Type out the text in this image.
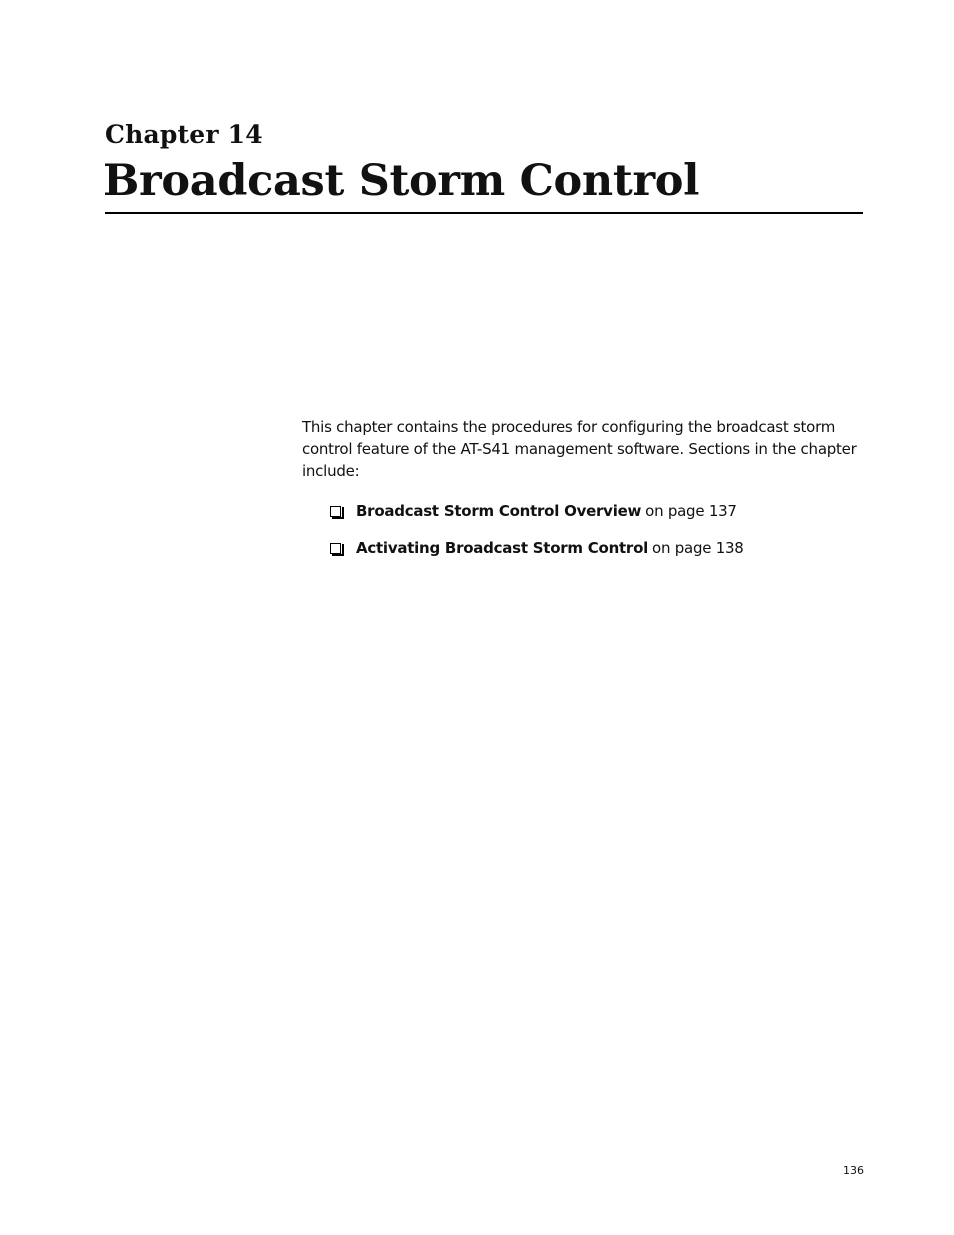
Chapter 14
Broadcast Storm Control

This chapter contains the procedures for configuring the broadcast storm control feature of the AT-S41 management software. Sections in the chapter include:

Broadcast Storm Control Overview on page 137
Activating Broadcast Storm Control on page 138

136
